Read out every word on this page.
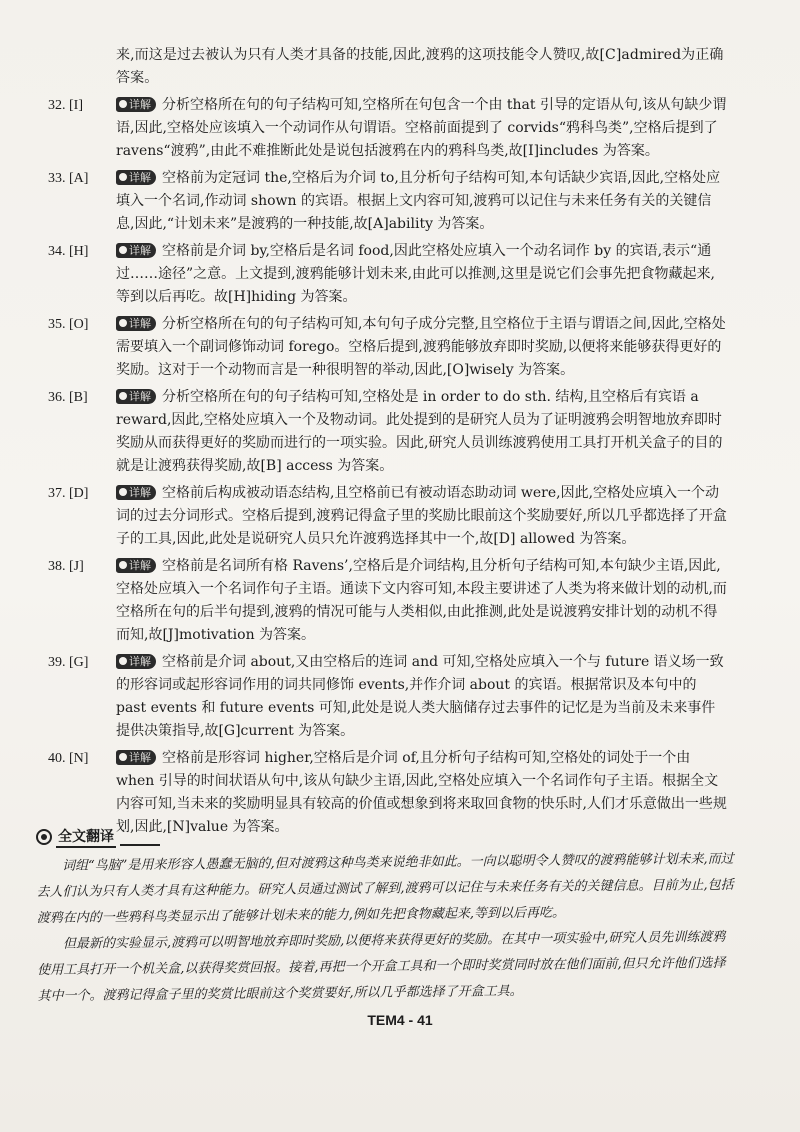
来,而这是过去被认为只有人类才具备的技能,因此,渡鸦的这项技能令人赞叹,故[C]admired为正确答案。
32. [I]	详解 分析空格所在句的句子结构可知,空格所在句包含一个由 that 引导的定语从句,该从句缺少谓语,因此,空格处应该填入一个动词作从句谓语。空格前面提到了 corvids“鸦科鸟类”,空格后提到了 ravens“渡鸦”,由此不难推断此处是说包括渡鸦在内的鸦科鸟类,故[I]includes 为答案。
33. [A]	详解 空格前为定冠词 the,空格后为介词 to,且分析句子结构可知,本句话缺少宾语,因此,空格处应填入一个名词,作动词 shown 的宾语。根据上文内容可知,渡鸦可以记住与未来任务有关的关键信息,因此,“计划未来”是渡鸦的一种技能,故[A]ability 为答案。
34. [H]	详解 空格前是介词 by,空格后是名词 food,因此空格处应填入一个动名词作 by 的宾语,表示“通过……途径”之意。上文提到,渡鸦能够计划未来,由此可以推测,这里是说它们会事先把食物藏起来,等到以后再吃。故[H]hiding 为答案。
35. [O]	详解 分析空格所在句的句子结构可知,本句句子成分完整,且空格位于主语与谓语之间,因此,空格处需要填入一个副词修饰动词 forego。空格后提到,渡鸦能够放弃即时奖励,以便将来能够获得更好的奖励。这对于一个动物而言是一种很明智的举动,因此,[O]wisely 为答案。
36. [B]	详解 分析空格所在句的句子结构可知,空格处是 in order to do sth. 结构,且空格后有宾语 a reward,因此,空格处应填入一个及物动词。此处提到的是研究人员为了证明渡鸦会明智地放弃即时奖励从而获得更好的奖励而进行的一项实验。因此,研究人员训练渡鸦使用工具打开机关盒子的目的就是让渡鸦获得奖励,故[B] access 为答案。
37. [D]	详解 空格前后构成被动语态结构,且空格前已有被动语态助动词 were,因此,空格处应填入一个动词的过去分词形式。空格后提到,渡鸦记得盒子里的奖励比眼前这个奖励要好,所以几乎都选择了开盒子的工具,因此,此处是说研究人员只允许渡鸦选择其中一个,故[D] allowed 为答案。
38. [J]	详解 空格前是名词所有格 Ravens’,空格后是介词结构,且分析句子结构可知,本句缺少主语,因此,空格处应填入一个名词作句子主语。通读下文内容可知,本段主要讲述了人类为将来做计划的动机,而空格所在句的后半句提到,渡鸦的情况可能与人类相似,由此推测,此处是说渡鸦安排计划的动机不得而知,故[J]motivation 为答案。
39. [G]	详解 空格前是介词 about,又由空格后的连词 and 可知,空格处应填入一个与 future 语义场一致的形容词或起形容词作用的词共同修饰 events,并作介词 about 的宾语。根据常识及本句中的 past events 和 future events 可知,此处是说人类大脑储存过去事件的记忆是为当前及未来事件提供决策指导,故[G]current 为答案。
40. [N]	详解 空格前是形容词 higher,空格后是介词 of,且分析句子结构可知,空格处的词处于一个由 when 引导的时间状语从句中,该从句缺少主语,因此,空格处应填入一个名词作句子主语。根据全文内容可知,当未来的奖励明显具有较高的价值或想象到将来取回食物的快乐时,人们才乐意做出一些规划,因此,[N]value 为答案。
全文翻译

词组“鸟脑”是用来形容人愚蠢无脑的,但对渡鸦这种鸟类来说绝非如此。一向以聪明令人赞叹的渡鸦能够计划未来,而过去人们认为只有人类才具有这种能力。研究人员通过测试了解到,渡鸦可以记住与未来任务有关的关键信息。目前为止,包括渡鸦在内的一些鸦科鸟类显示出了能够计划未来的能力,例如先把食物藏起来,等到以后再吃。

但最新的实验显示,渡鸦可以明智地放弃即时奖励,以便将来获得更好的奖励。在其中一项实验中,研究人员先训练渡鸦使用工具打开一个机关盒,以获得奖赏回报。接着,再把一个开盒工具和一个即时奖赏同时放在他们面前,但只允许他们选择其中一个。渡鸦记得盒子里的奖赏比眼前这个奖赏要好,所以几乎都选择了开盒工具。

TEM4 - 41
